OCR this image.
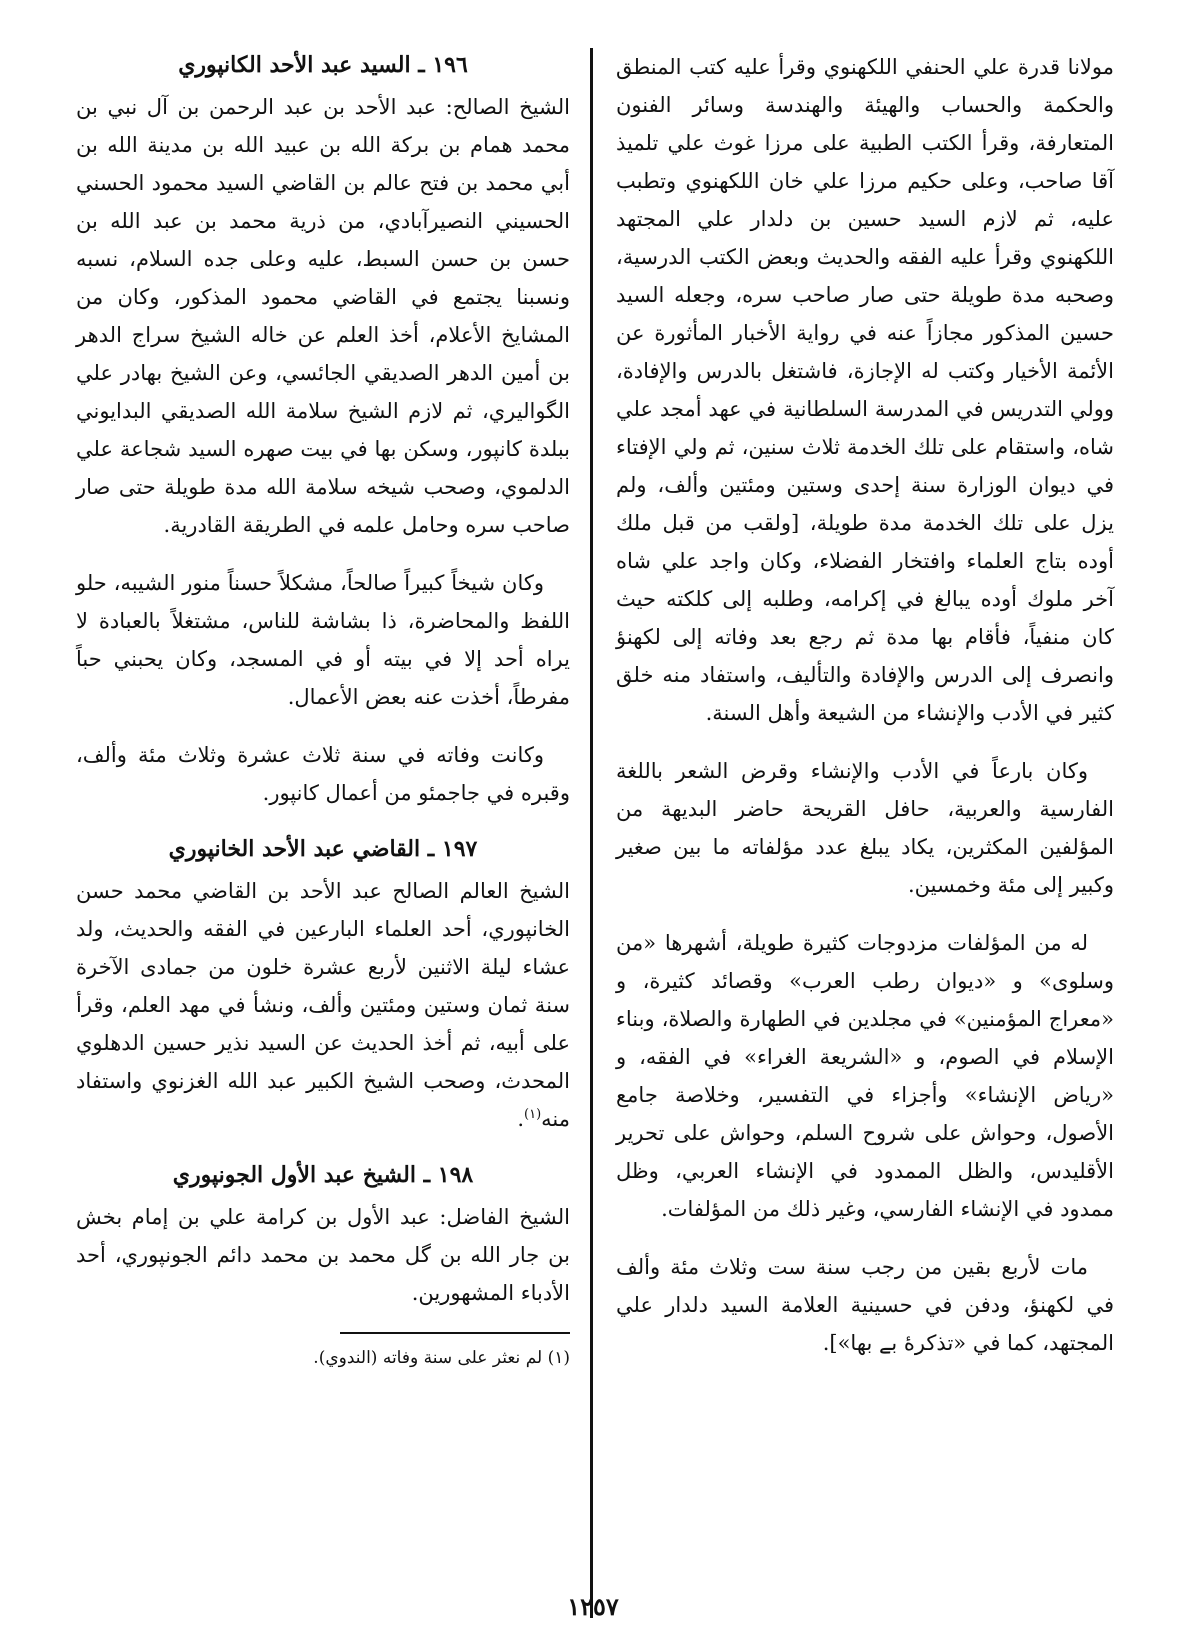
مولانا قدرة علي الحنفي اللكهنوي وقرأ عليه كتب المنطق والحكمة والحساب والهيئة والهندسة وسائر الفنون المتعارفة، وقرأ الكتب الطبية على مرزا غوث علي تلميذ آقا صاحب، وعلى حكيم مرزا علي خان اللكهنوي وتطبب عليه، ثم لازم السيد حسين بن دلدار علي المجتهد اللكهنوي وقرأ عليه الفقه والحديث وبعض الكتب الدرسية، وصحبه مدة طويلة حتى صار صاحب سره، وجعله السيد حسين المذكور مجازاً عنه في رواية الأخبار المأثورة عن الأئمة الأخيار وكتب له الإجازة، فاشتغل بالدرس والإفادة، وولي التدريس في المدرسة السلطانية في عهد أمجد علي شاه، واستقام على تلك الخدمة ثلاث سنين، ثم ولي الإفتاء في ديوان الوزارة سنة إحدى وستين ومئتين وألف، ولم يزل على تلك الخدمة مدة طويلة، [ولقب من قبل ملك أوده بتاج العلماء وافتخار الفضلاء، وكان واجد علي شاه آخر ملوك أوده يبالغ في إكرامه، وطلبه إلى كلكته حيث كان منفياً، فأقام بها مدة ثم رجع بعد وفاته إلى لكهنؤ وانصرف إلى الدرس والإفادة والتأليف، واستفاد منه خلق كثير في الأدب والإنشاء من الشيعة وأهل السنة.

وكان بارعاً في الأدب والإنشاء وقرض الشعر باللغة الفارسية والعربية، حافل القريحة حاضر البديهة من المؤلفين المكثرين، يكاد يبلغ عدد مؤلفاته ما بين صغير وكبير إلى مئة وخمسين.

له من المؤلفات مزدوجات كثيرة طويلة، أشهرها «من وسلوى» و «ديوان رطب العرب» وقصائد كثيرة، و «معراج المؤمنين» في مجلدين في الطهارة والصلاة، وبناء الإسلام في الصوم، و «الشريعة الغراء» في الفقه، و «رياض الإنشاء» وأجزاء في التفسير، وخلاصة جامع الأصول، وحواش على شروح السلم، وحواش على تحرير الأقليدس، والظل الممدود في الإنشاء العربي، وظل ممدود في الإنشاء الفارسي، وغير ذلك من المؤلفات.

مات لأربع بقين من رجب سنة ست وثلاث مئة وألف في لكهنؤ، ودفن في حسينية العلامة السيد دلدار علي المجتهد، كما في «تذكرهٔ بے بها»].

١٩٦ ـ السيد عبد الأحد الكانپوري

الشيخ الصالح: عبد الأحد بن عبد الرحمن بن آل نبي بن محمد همام بن بركة الله بن عبيد الله بن مدينة الله بن أبي محمد بن فتح عالم بن القاضي السيد محمود الحسني الحسيني النصيرآبادي، من ذرية محمد بن عبد الله بن حسن بن حسن السبط، عليه وعلى جده السلام، نسبه ونسبنا يجتمع في القاضي محمود المذكور، وكان من المشايخ الأعلام، أخذ العلم عن خاله الشيخ سراج الدهر بن أمين الدهر الصديقي الجائسي، وعن الشيخ بهادر علي الگواليري، ثم لازم الشيخ سلامة الله الصديقي البدايوني ببلدة كانپور، وسكن بها في بيت صهره السيد شجاعة علي الدلموي، وصحب شيخه سلامة الله مدة طويلة حتى صار صاحب سره وحامل علمه في الطريقة القادرية.

وكان شيخاً كبيراً صالحاً، مشكلاً حسناً منور الشيبه، حلو اللفظ والمحاضرة، ذا بشاشة للناس، مشتغلاً بالعبادة لا يراه أحد إلا في بيته أو في المسجد، وكان يحبني حباً مفرطاً، أخذت عنه بعض الأعمال.

وكانت وفاته في سنة ثلاث عشرة وثلاث مئة وألف، وقبره في جاجمئو من أعمال كانپور.

١٩٧ ـ القاضي عبد الأحد الخانپوري

الشيخ العالم الصالح عبد الأحد بن القاضي محمد حسن الخانپوري، أحد العلماء البارعين في الفقه والحديث، ولد عشاء ليلة الاثنين لأربع عشرة خلون من جمادى الآخرة سنة ثمان وستين ومئتين وألف، ونشأ في مهد العلم، وقرأ على أبيه، ثم أخذ الحديث عن السيد نذير حسين الدهلوي المحدث، وصحب الشيخ الكبير عبد الله الغزنوي واستفاد منه$^{(١)}$.

١٩٨ ـ الشيخ عبد الأول الجونپوري

الشيخ الفاضل: عبد الأول بن كرامة علي بن إمام بخش بن جار الله بن گل محمد بن محمد دائم الجونپوري، أحد الأدباء المشهورين.

(١) لم نعثر على سنة وفاته (الندوي).

١٢٥٧
